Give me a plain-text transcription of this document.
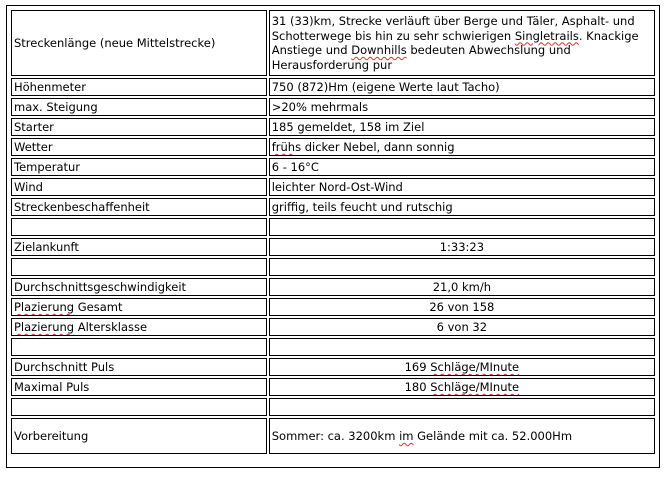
Streckenlänge (neue Mittelstrecke)	31 (33)km, Strecke verläuft über Berge und Täler, Asphalt- und Schotterwege bis hin zu sehr schwierigen Singletrails. Knackige Anstiege und Downhills bedeuten Abwechslung und Herausforderung pur
Höhenmeter	750 (872)Hm (eigene Werte laut Tacho)
max. Steigung	>20% mehrmals
Starter	185 gemeldet, 158 im Ziel
Wetter	frühs dicker Nebel, dann sonnig
Temperatur	6 - 16°C
Wind	leichter Nord-Ost-Wind
Streckenbeschaffenheit	griffig, teils feucht und rutschig

Zielankunft	1:33:23

Durchschnittsgeschwindigkeit	21,0 km/h
Plazierung Gesamt	26 von 158
Plazierung Altersklasse	6 von 32

Durchschnitt Puls	169 Schläge/MInute
Maximal Puls	180 Schläge/MInute

Vorbereitung	Sommer: ca. 3200km im Gelände mit ca. 52.000Hm
